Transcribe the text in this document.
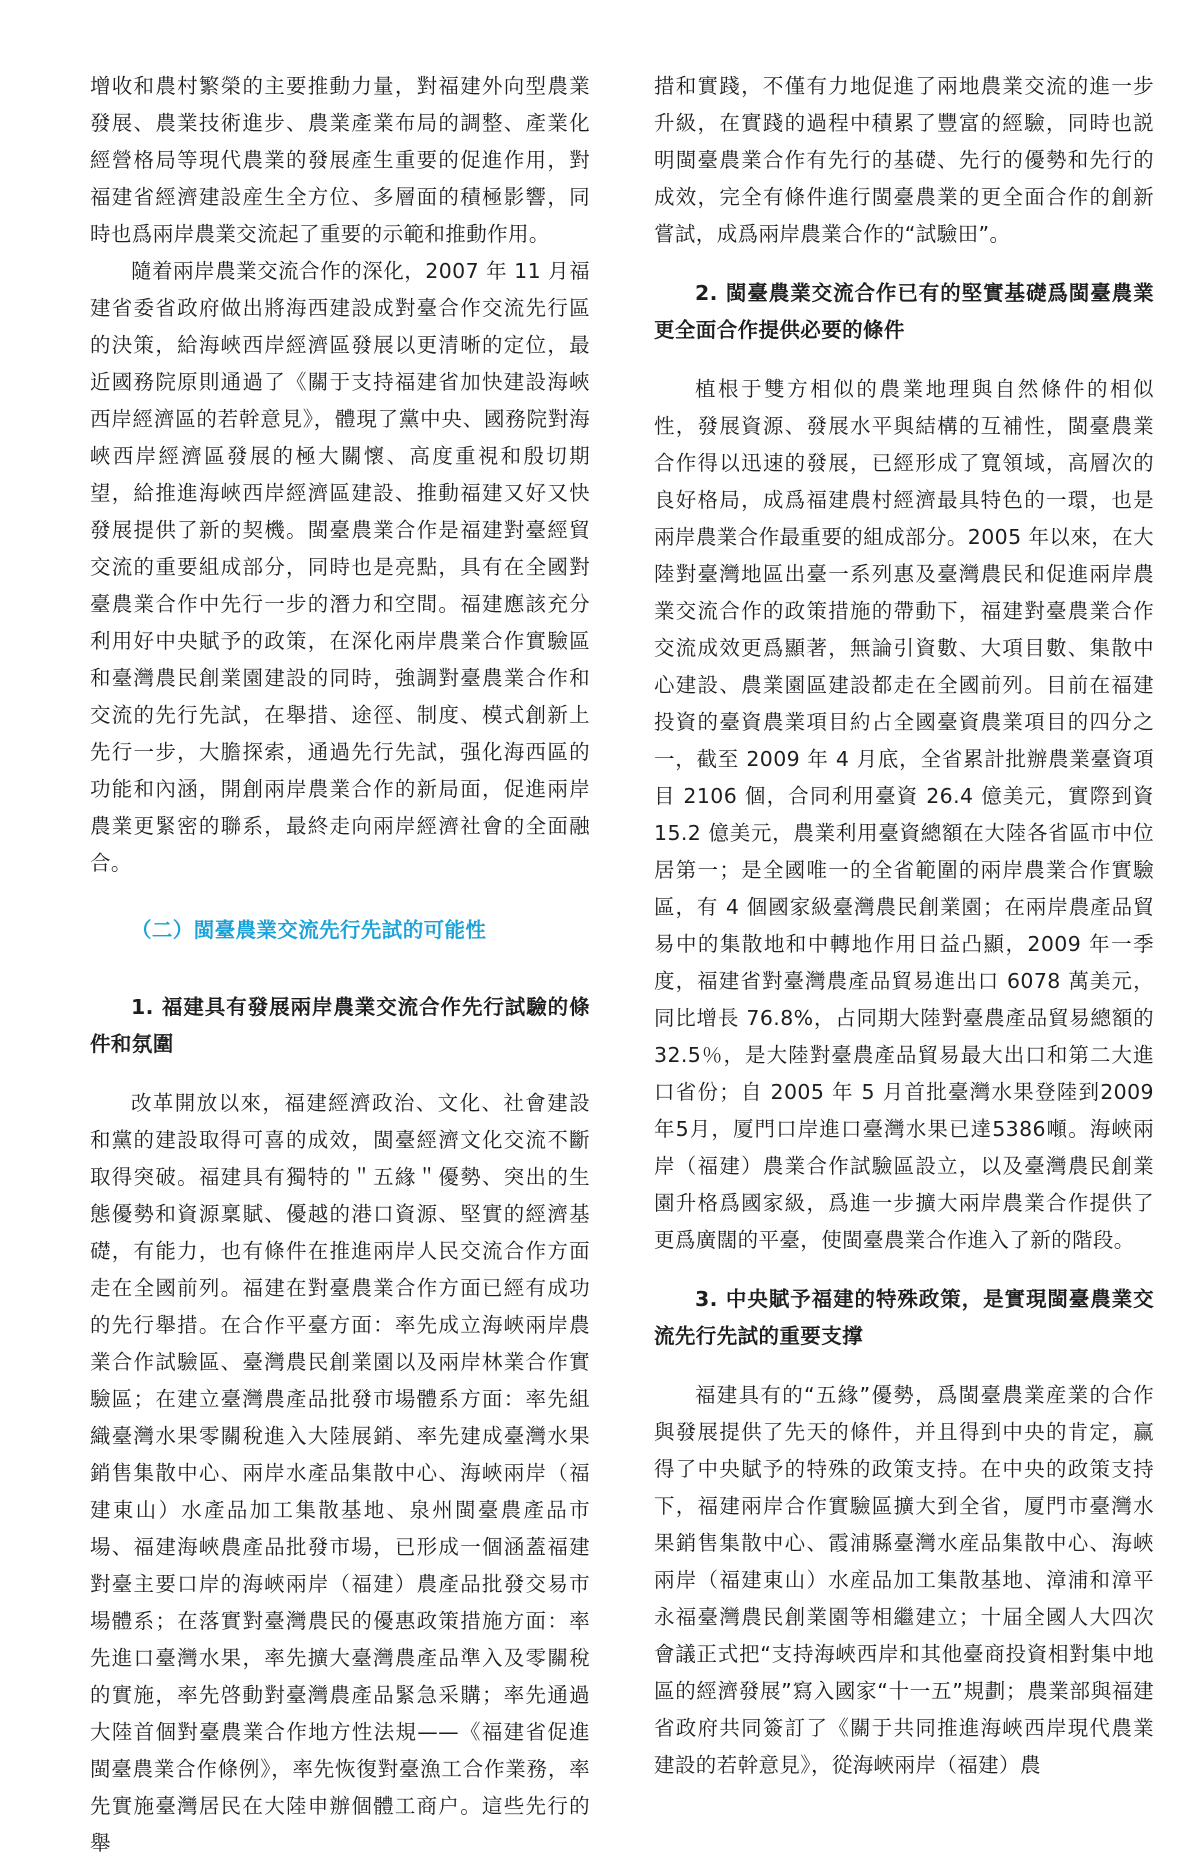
增收和農村繁榮的主要推動力量，對福建外向型農業發展、農業技術進步、農業產業布局的調整、產業化經營格局等現代農業的發展產生重要的促進作用，對福建省經濟建設産生全方位、多層面的積極影響，同時也爲兩岸農業交流起了重要的示範和推動作用。

隨着兩岸農業交流合作的深化，2007 年 11 月福建省委省政府做出將海西建設成對臺合作交流先行區的決策，給海峽西岸經濟區發展以更清晰的定位，最近國務院原則通過了《關于支持福建省加快建設海峽西岸經濟區的若幹意見》，體現了黨中央、國務院對海峽西岸經濟區發展的極大關懷、高度重視和殷切期望，給推進海峽西岸經濟區建設、推動福建又好又快發展提供了新的契機。閩臺農業合作是福建對臺經貿交流的重要組成部分，同時也是亮點，具有在全國對臺農業合作中先行一步的潛力和空間。福建應該充分利用好中央賦予的政策，在深化兩岸農業合作實驗區和臺灣農民創業園建設的同時，強調對臺農業合作和交流的先行先試，在舉措、途徑、制度、模式創新上先行一步，大膽探索，通過先行先試，强化海西區的功能和內涵，開創兩岸農業合作的新局面，促進兩岸農業更緊密的聯系，最終走向兩岸經濟社會的全面融合。

（二）閩臺農業交流先行先試的可能性
1. 福建具有發展兩岸農業交流合作先行試驗的條件和氛圍

改革開放以來，福建經濟政治、文化、社會建設和黨的建設取得可喜的成效，閩臺經濟文化交流不斷取得突破。福建具有獨特的＂五緣＂優勢、突出的生態優勢和資源稟賦、優越的港口資源、堅實的經濟基礎，有能力，也有條件在推進兩岸人民交流合作方面走在全國前列。福建在對臺農業合作方面已經有成功的先行舉措。在合作平臺方面：率先成立海峽兩岸農業合作試驗區、臺灣農民創業園以及兩岸林業合作實驗區；在建立臺灣農產品批發市場體系方面：率先組織臺灣水果零關稅進入大陸展銷、率先建成臺灣水果銷售集散中心、兩岸水產品集散中心、海峽兩岸（福建東山）水產品加工集散基地、泉州閩臺農產品市場、福建海峽農產品批發市場，已形成一個涵蓋福建對臺主要口岸的海峽兩岸（福建）農產品批發交易市場體系；在落實對臺灣農民的優惠政策措施方面：率先進口臺灣水果，率先擴大臺灣農產品準入及零關稅的實施，率先啓動對臺灣農產品緊急采購；率先通過大陸首個對臺農業合作地方性法規——《福建省促進閩臺農業合作條例》，率先恢復對臺漁工合作業務，率先實施臺灣居民在大陸申辦個體工商户。這些先行的舉

措和實踐，不僅有力地促進了兩地農業交流的進一步升級，在實踐的過程中積累了豐富的經驗，同時也説明閩臺農業合作有先行的基礎、先行的優勢和先行的成效，完全有條件進行閩臺農業的更全面合作的創新嘗試，成爲兩岸農業合作的“試驗田”。

2. 閩臺農業交流合作已有的堅實基礎爲閩臺農業更全面合作提供必要的條件

植根于雙方相似的農業地理與自然條件的相似性，發展資源、發展水平與結構的互補性，閩臺農業合作得以迅速的發展，已經形成了寬領域，高層次的良好格局，成爲福建農村經濟最具特色的一環，也是兩岸農業合作最重要的組成部分。2005 年以來，在大陸對臺灣地區出臺一系列惠及臺灣農民和促進兩岸農業交流合作的政策措施的帶動下，福建對臺農業合作交流成效更爲顯著，無論引資數、大項目數、集散中心建設、農業園區建設都走在全國前列。目前在福建投資的臺資農業項目約占全國臺資農業項目的四分之一，截至 2009 年 4 月底，全省累計批辦農業臺資項目 2106 個，合同利用臺資 26.4 億美元，實際到資 15.2 億美元，農業利用臺資總額在大陸各省區市中位居第一；是全國唯一的全省範圍的兩岸農業合作實驗區，有 4 個國家級臺灣農民創業園；在兩岸農產品貿易中的集散地和中轉地作用日益凸顯，2009 年一季度，福建省對臺灣農產品貿易進出口 6078 萬美元，同比增長 76.8%，占同期大陸對臺農產品貿易總額的 32.5％，是大陸對臺農產品貿易最大出口和第二大進口省份；自 2005 年 5 月首批臺灣水果登陸到2009年5月，厦門口岸進口臺灣水果已達5386噸。海峽兩岸（福建）農業合作試驗區設立，以及臺灣農民創業園升格爲國家級，爲進一步擴大兩岸農業合作提供了更爲廣闊的平臺，使閩臺農業合作進入了新的階段。

3. 中央賦予福建的特殊政策，是實現閩臺農業交流先行先試的重要支撑

福建具有的“五緣”優勢，爲閩臺農業産業的合作與發展提供了先天的條件，并且得到中央的肯定，赢得了中央賦予的特殊的政策支持。在中央的政策支持下，福建兩岸合作實驗區擴大到全省，厦門市臺灣水果銷售集散中心、霞浦縣臺灣水産品集散中心、海峽兩岸（福建東山）水産品加工集散基地、漳浦和漳平永福臺灣農民創業園等相繼建立；十届全國人大四次會議正式把“支持海峽西岸和其他臺商投資相對集中地區的經濟發展”寫入國家“十一五”規劃；農業部與福建省政府共同簽訂了《關于共同推進海峽西岸現代農業建設的若幹意見》，從海峽兩岸（福建）農
